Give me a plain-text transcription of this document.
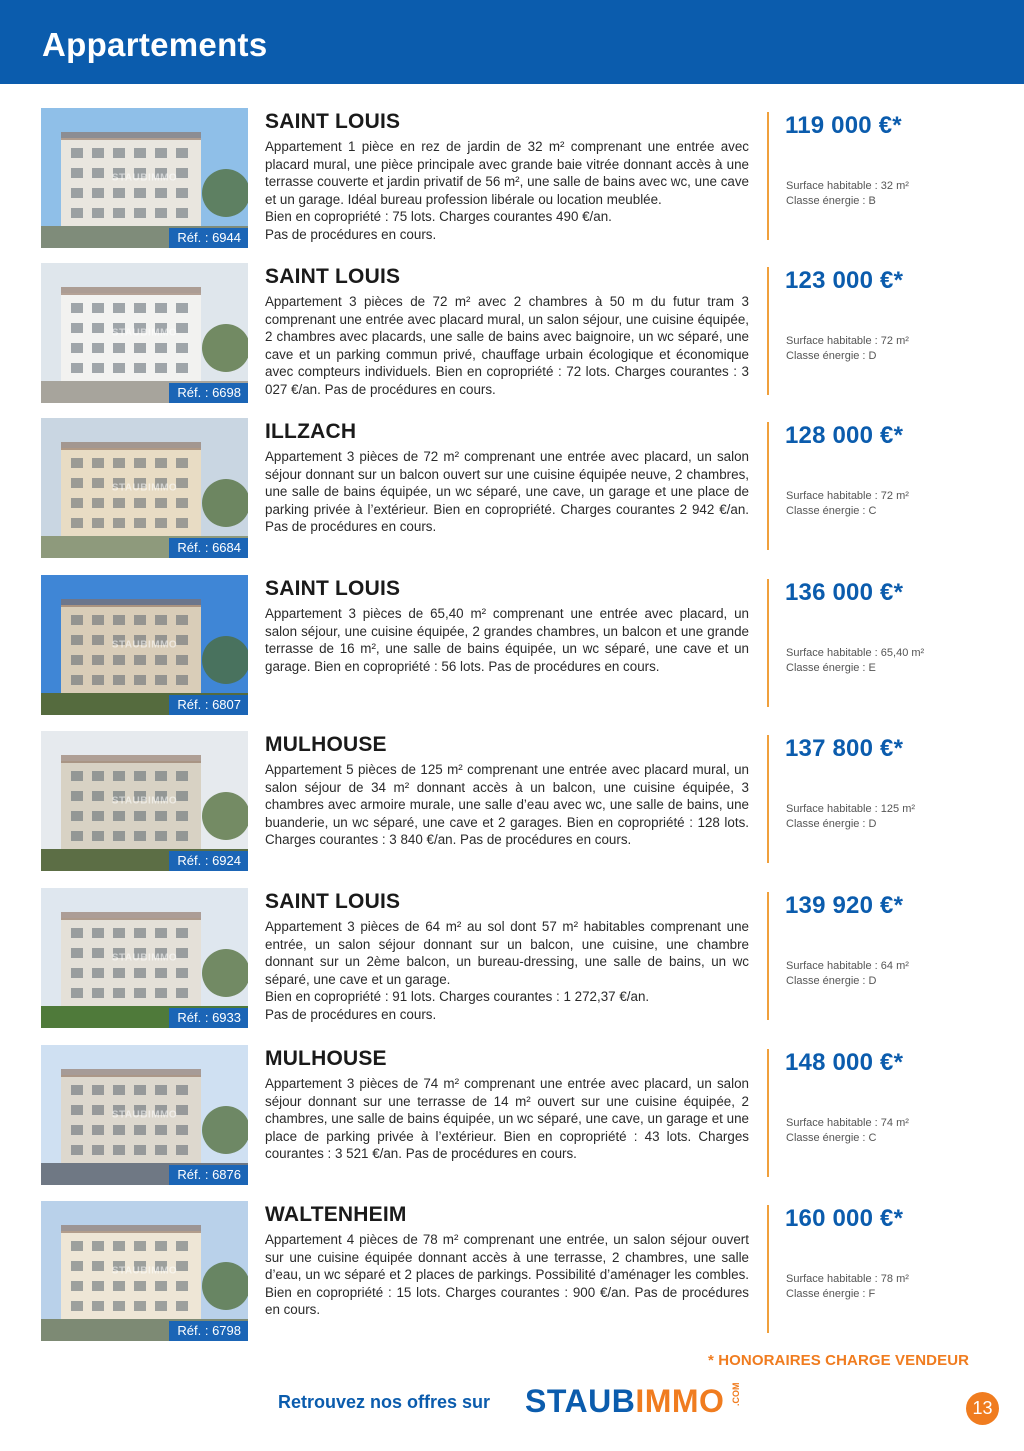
Appartements
STAUBIMMO
Réf. : 6944
SAINT LOUIS

Appartement 1 pièce en rez de jardin de 32 m² comprenant une entrée avec placard mural, une pièce principale avec grande baie vitrée donnant accès à une terrasse couverte et jardin privatif de 56 m², une salle de bains avec wc, une cave et un garage. Idéal bureau profession libérale ou location meublée.

Bien en copropriété : 75 lots. Charges courantes 490 €/an.

Pas de procédures en cours.

119 000 €*
Surface habitable : 32 m²
Classe énergie : B
STAUBIMMO
Réf. : 6698
SAINT LOUIS

Appartement 3 pièces de 72 m² avec 2 chambres à 50 m du futur tram 3 comprenant une entrée avec placard mural, un salon séjour, une cuisine équipée, 2 chambres avec placards, une salle de bains avec baignoire, un wc séparé, une cave et un parking commun privé, chauffage urbain écologique et économique avec compteurs individuels. Bien en copropriété : 72 lots. Charges courantes : 3 027 €/an. Pas de procédures en cours.

123 000 €*
Surface habitable : 72 m²
Classe énergie : D
STAUBIMMO
Réf. : 6684
ILLZACH

Appartement 3 pièces de 72 m² comprenant une entrée avec placard, un salon séjour donnant sur un balcon ouvert sur une cuisine équipée neuve, 2 chambres, une salle de bains équipée, un wc séparé, une cave, un garage et une place de parking privée à l’extérieur. Bien en copropriété. Charges courantes 2 942 €/an. Pas de procédures en cours.

128 000 €*
Surface habitable : 72 m²
Classe énergie : C
STAUBIMMO
Réf. : 6807
SAINT LOUIS

Appartement 3 pièces de 65,40 m² comprenant une entrée avec placard, un salon séjour, une cuisine équipée, 2 grandes chambres, un balcon et une grande terrasse de 16 m², une salle de bains équipée, un wc séparé, une cave et un garage. Bien en copropriété : 56 lots. Pas de procédures en cours.

136 000 €*
Surface habitable : 65,40 m²
Classe énergie : E
STAUBIMMO
Réf. : 6924
MULHOUSE

Appartement 5 pièces de 125 m² comprenant une entrée avec placard mural, un salon séjour de 34 m² donnant accès à un balcon, une cuisine équipée, 3 chambres avec armoire murale, une salle d’eau avec wc, une salle de bains, une buanderie, un wc séparé, une cave et 2 garages. Bien en copropriété : 128 lots. Charges courantes : 3 840 €/an. Pas de procédures en cours.

137 800 €*
Surface habitable : 125 m²
Classe énergie : D
STAUBIMMO
Réf. : 6933
SAINT LOUIS

Appartement 3 pièces de 64 m² au sol dont 57 m² habitables comprenant une entrée, un salon séjour donnant sur un balcon, une cuisine, une chambre donnant sur un 2ème balcon, un bureau-dressing, une salle de bains, un wc séparé, une cave et un garage.

Bien en copropriété : 91 lots. Charges courantes : 1 272,37 €/an.

Pas de procédures en cours.

139 920 €*
Surface habitable : 64 m²
Classe énergie : D
STAUBIMMO
Réf. : 6876
MULHOUSE

Appartement 3 pièces de 74 m² comprenant une entrée avec placard, un salon séjour donnant sur une terrasse de 14 m² ouvert sur une cuisine équipée, 2 chambres, une salle de bains équipée, un wc séparé, une cave, un garage et une place de parking privée à l’extérieur. Bien en copropriété : 43 lots. Charges courantes : 3 521 €/an. Pas de procédures en cours.

148 000 €*
Surface habitable : 74 m²
Classe énergie : C
STAUBIMMO
Réf. : 6798
WALTENHEIM

Appartement 4 pièces de 78 m² comprenant une entrée, un salon séjour ouvert sur une cuisine équipée donnant accès à une terrasse, 2 chambres, une salle d’eau, un wc séparé et 2 places de parkings. Possibilité d’aménager les combles. Bien en copropriété : 15 lots. Charges courantes : 900 €/an. Pas de procédures en cours.

160 000 €*
Surface habitable : 78 m²
Classe énergie : F
* HONORAIRES CHARGE VENDEUR
Retrouvez nos offres sur STAUBIMMO .COM
13
